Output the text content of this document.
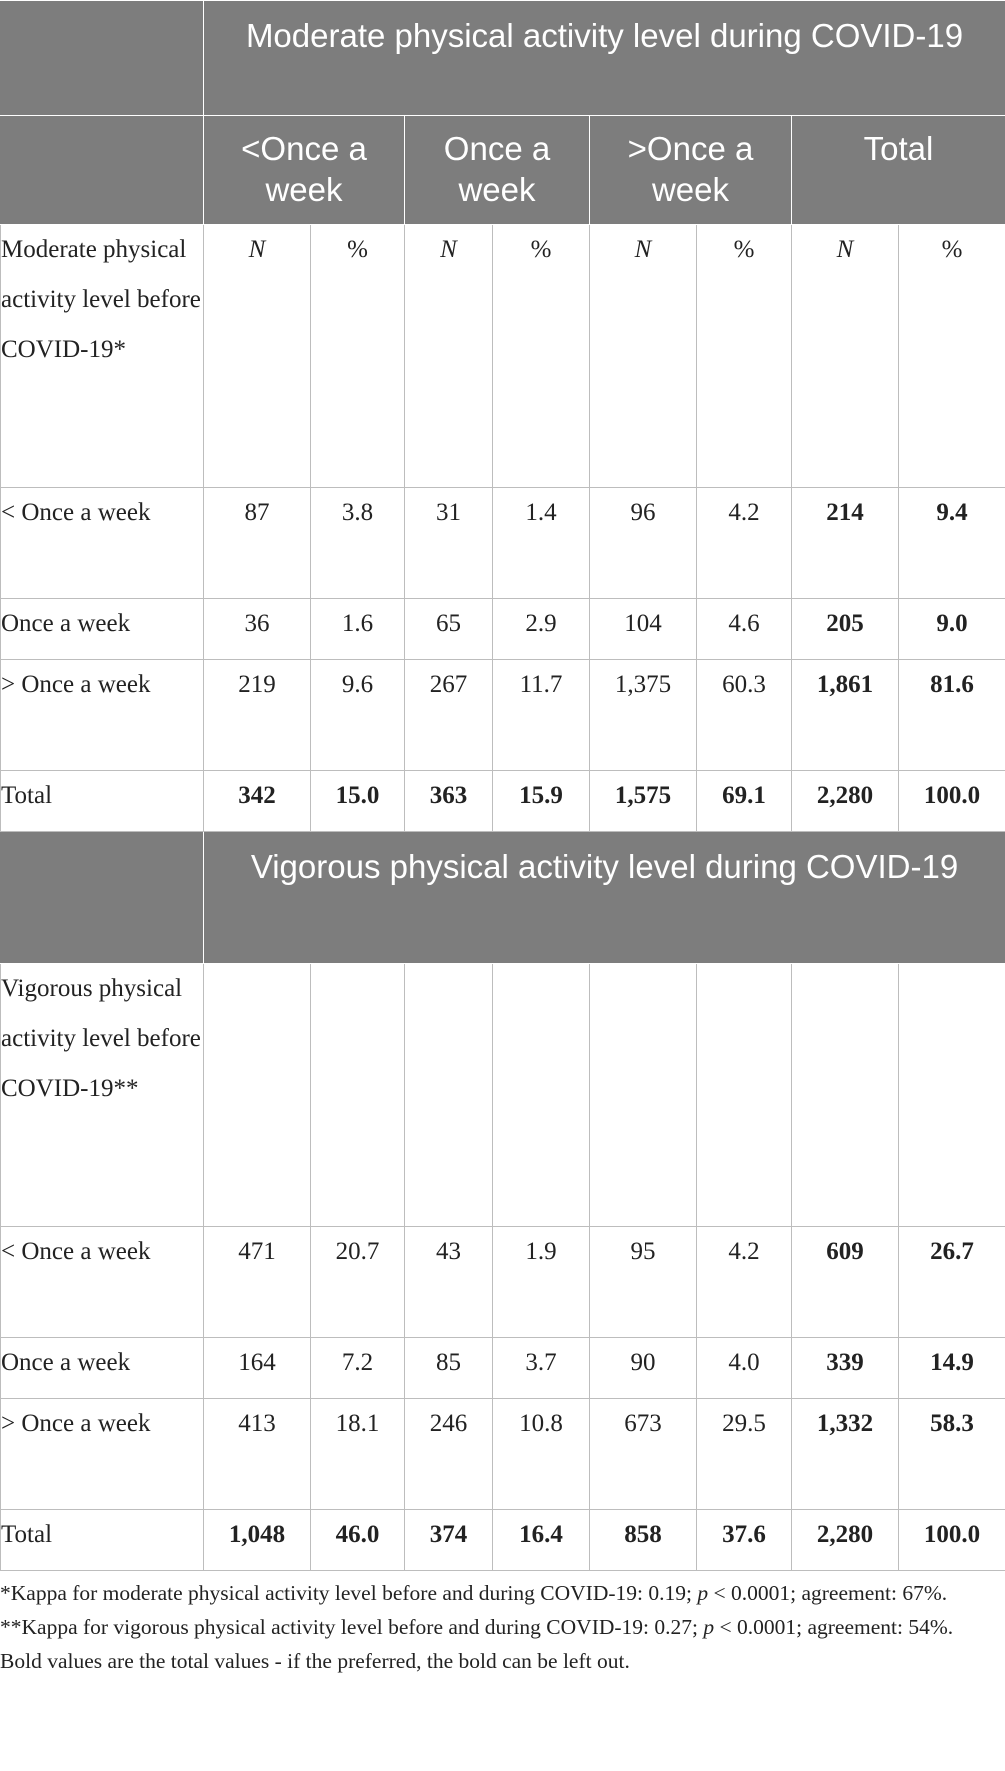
	Moderate physical activity level during COVID-19							
	<Once a week		Once a week		>Once a week		Total	
Moderate physical activity level before COVID-19*	N	%	N	%	N	%	N	%
< Once a week	87	3.8	31	1.4	96	4.2	214	9.4
Once a week	36	1.6	65	2.9	104	4.6	205	9.0
> Once a week	219	9.6	267	11.7	1,375	60.3	1,861	81.6
Total	342	15.0	363	15.9	1,575	69.1	2,280	100.0
	Vigorous physical activity level during COVID-19							
Vigorous physical activity level before COVID-19**								
< Once a week	471	20.7	43	1.9	95	4.2	609	26.7
Once a week	164	7.2	85	3.7	90	4.0	339	14.9
> Once a week	413	18.1	246	10.8	673	29.5	1,332	58.3
Total	1,048	46.0	374	16.4	858	37.6	2,280	100.0

*Kappa for moderate physical activity level before and during COVID-19: 0.19; p < 0.0001; agreement: 67%.

**Kappa for vigorous physical activity level before and during COVID-19: 0.27; p < 0.0001; agreement: 54%.

Bold values are the total values - if the preferred, the bold can be left out.
